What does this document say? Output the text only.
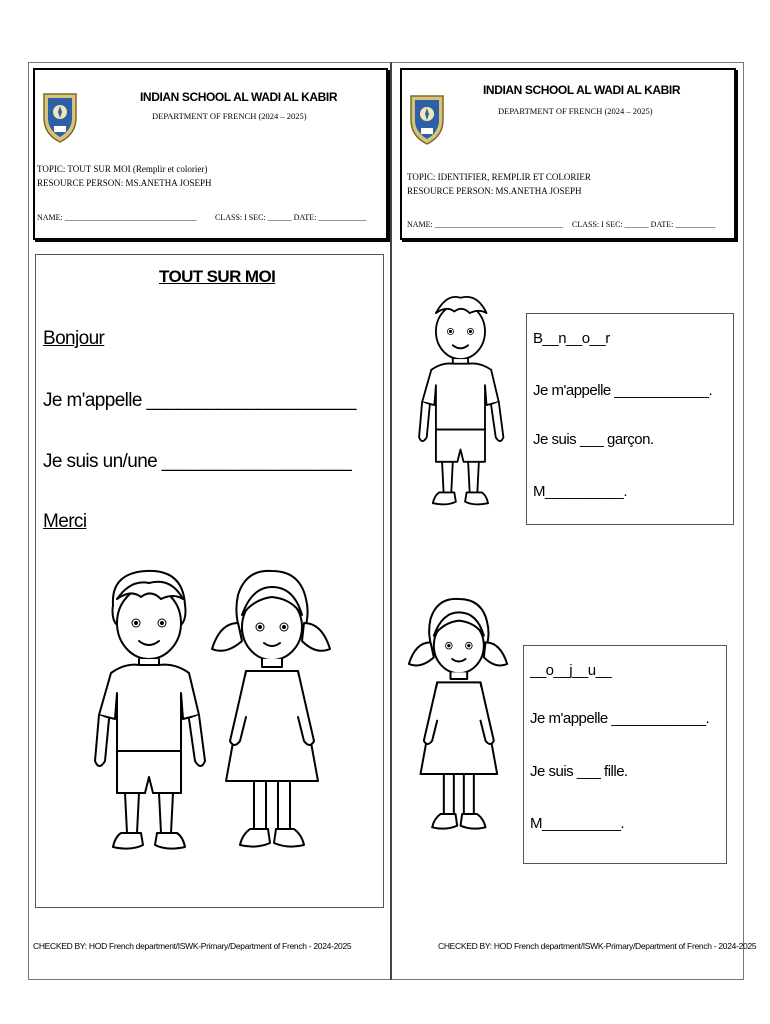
INDIAN SCHOOL AL WADI AL KABIR
DEPARTMENT OF FRENCH (2024 – 2025)
TOPIC: TOUT SUR MOI (Remplir et colorier)
RESOURCE PERSON: MS.ANETHA JOSEPH
NAME: _________________________________ CLASS: I SEC: ______ DATE: ____________
INDIAN SCHOOL AL WADI AL KABIR
DEPARTMENT OF FRENCH (2024 – 2025)
TOPIC: IDENTIFIER, REMPLIR ET COLORIER
RESOURCE PERSON: MS.ANETHA JOSEPH
NAME: ________________________________ CLASS: I SEC: ______ DATE: __________
TOUT SUR MOI
Bonjour
Je m'appelle _____________________
Je suis un/une ___________________
Merci
B__n__o__r
Je m'appelle ____________.
Je suis ___ garçon.
M__________.
__o__j__u__
Je m'appelle ____________.
Je suis ___ fille.
M__________.
CHECKED BY: HOD French department/ISWK-Primary/Department of French - 2024-2025	CHECKED BY: HOD French department/ISWK-Primary/Department of French - 2024-2025
